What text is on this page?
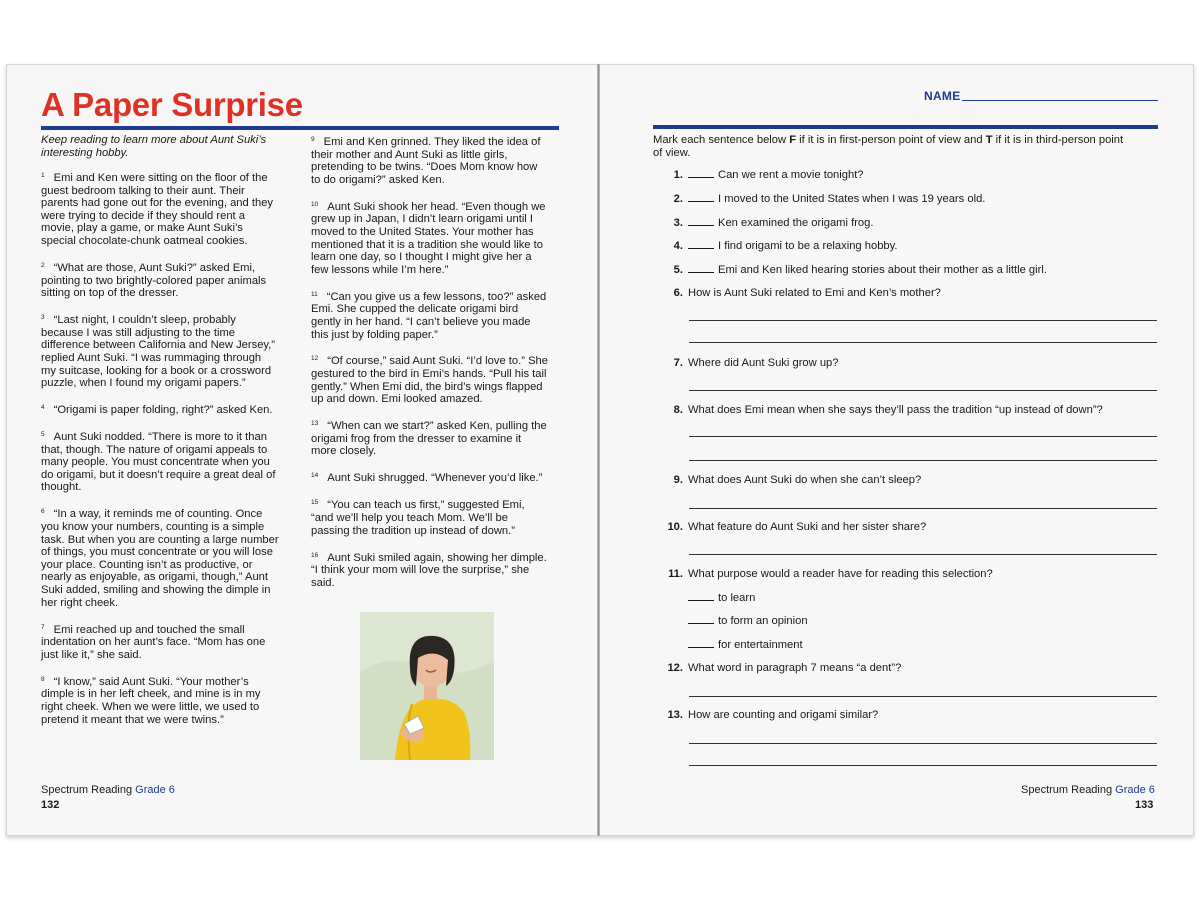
A Paper Surprise
Keep reading to learn more about Aunt Suki’s interesting hobby.
$^1$ Emi and Ken were sitting on the floor of the guest bedroom talking to their aunt. Their parents had gone out for the evening, and they were trying to decide if they should rent a movie, play a game, or make Aunt Suki’s special chocolate-chunk oatmeal cookies.
$^2$ “What are those, Aunt Suki?” asked Emi, pointing to two brightly-colored paper animals sitting on top of the dresser.
$^3$ “Last night, I couldn’t sleep, probably because I was still adjusting to the time difference between California and New Jersey,” replied Aunt Suki. “I was rummaging through my suitcase, looking for a book or a crossword puzzle, when I found my origami papers.”
$^4$ “Origami is paper folding, right?” asked Ken.
$^5$ Aunt Suki nodded. “There is more to it than that, though. The nature of origami appeals to many people. You must concentrate when you do origami, but it doesn’t require a great deal of thought.
$^6$ “In a way, it reminds me of counting. Once you know your numbers, counting is a simple task. But when you are counting a large number of things, you must concentrate or you will lose your place. Counting isn’t as productive, or nearly as enjoyable, as origami, though,” Aunt Suki added, smiling and showing the dimple in her right cheek.
$^7$ Emi reached up and touched the small indentation on her aunt’s face. “Mom has one just like it,” she said.
$^8$ “I know,” said Aunt Suki. “Your mother’s dimple is in her left cheek, and mine is in my right cheek. When we were little, we used to pretend it meant that we were twins.”
$^9$ Emi and Ken grinned. They liked the idea of their mother and Aunt Suki as little girls, pretending to be twins. “Does Mom know how to do origami?” asked Ken.
$^{10}$ Aunt Suki shook her head. “Even though we grew up in Japan, I didn’t learn origami until I moved to the United States. Your mother has mentioned that it is a tradition she would like to learn one day, so I thought I might give her a few lessons while I’m here.”
$^{11}$ “Can you give us a few lessons, too?” asked Emi. She cupped the delicate origami bird gently in her hand. “I can’t believe you made this just by folding paper.”
$^{12}$ “Of course,” said Aunt Suki. “I’d love to.” She gestured to the bird in Emi’s hands. “Pull his tail gently.” When Emi did, the bird’s wings flapped up and down. Emi looked amazed.
$^{13}$ “When can we start?” asked Ken, pulling the origami frog from the dresser to examine it more closely.
$^{14}$ Aunt Suki shrugged. “Whenever you’d like.”
$^{15}$ “You can teach us first,” suggested Emi, “and we’ll help you teach Mom. We’ll be passing the tradition up instead of down.”
$^{16}$ Aunt Suki smiled again, showing her dimple. “I think your mom will love the surprise,” she said.
Spectrum Reading Grade 6
132
NAME
Mark each sentence below F if it is in first-person point of view and T if it is in third-person point of view.
1.	Can we rent a movie tonight?
2.	I moved to the United States when I was 19 years old.
3.	Ken examined the origami frog.
4.	I find origami to be a relaxing hobby.
5.	Emi and Ken liked hearing stories about their mother as a little girl.
6. How is Aunt Suki related to Emi and Ken’s mother?
7. Where did Aunt Suki grow up?
8. What does Emi mean when she says they’ll pass the tradition “up instead of down”?
9. What does Aunt Suki do when she can’t sleep?
10. What feature do Aunt Suki and her sister share?
11. What purpose would a reader have for reading this selection?
12. What word in paragraph 7 means “a dent”?
13. How are counting and origami similar?
to learn
to form an opinion
for entertainment
Spectrum Reading Grade 6
133
